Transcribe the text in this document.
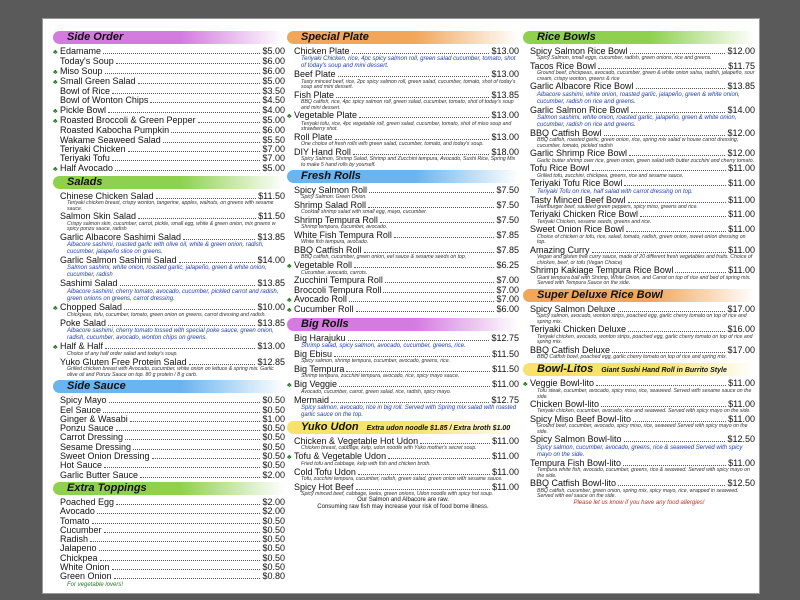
Side Order
♣ Edamame	$5.00
Today's Soup	$6.00
♣ Miso Soup	$6.00
♣ Small Green Salad	$5.00
Bowl of Rice	$3.50
Bowl of Wonton Chips	$4.50
♣ Pickle Bowl	$4.00
♣ Roasted Broccoli & Green Pepper	$5.00
Roasted Kabocha Pumpkin	$6.00
Wakame Seaweed Salad	$5.50
Teriyaki Chicken	$7.00
Teriyaki Tofu	$7.00
♣ Half Avocado	$5.00
Salads
Chinese Chicken Salad	$11.50
Teriyaki chicken breast, crispy wonton, tangerine, apples, walnuts, on greens with sesame sauce.
Salmon Skin Salad	$11.50
Crispy salmon skin, cucumber, carrot, pickle, small egg, white & green onion, mix greens w spicy ponzu sauce, radish
Garlic Albacore Sashimi Salad	$13.85
Albacore sashimi, roasted garlic with olive oil, white & green onion, radish, cucumber, jalapeño slice on greens.
Garlic Salmon Sashimi Salad	$14.00
Salmon sashimi, white onion, roasted garlic, jalapeño, green & white onion, cucumber, radish
Sashimi Salad	$13.85
Albacore sashimi, cherry tomato, avocado, cucumber, pickled carrot and radish, green onions on greens, carrot dressing.
♣ Chopped Salad	$10.00
Chickpeas, tofu, cucumber, tomato, green onion on greens, carrot dressing and radish.
Poke Salad	$13.85
Albacore sashimi, cherry tomato tossed with special poke sauce, green onion, radish, cucumber, avocado, wonton chips on greens.
♣ Half & Half	$13.00
Choice of any half order salad and today's soup.
Yuko Gluten Free Protein Salad	$12.85
Grilled chicken breast with Avocado, cucumber, white onion on lettuce & spring mix. Garlic olive oil and Ponzu Sauce on top. 80 g protein / 8 g carb.
Side Sauce
Spicy Mayo	$0.50
Eel Sauce	$0.50
Ginger & Wasabi	$1.00
Ponzu Sauce	$0.50
Carrot Dressing	$0.50
Sesame Dressing	$0.50
Sweet Onion Dressing	$0.50
Hot Sauce	$0.50
Garlic Butter Sauce	$2.00
Extra Toppings
Poached Egg	$2.00
Avocado	$2.00
Tomato	$0.50
Cucumber	$0.50
Radish	$0.50
Jalapeno	$0.50
Chickpea	$0.50
White Onion	$0.50
Green Onion	$0.80
For vegetable lovers!
Special Plate
Chicken Plate	$13.00
Teriyaki Chicken, rice, 4pc spicy salmon roll, green salad cucumber, tomato, shot of today's soup and mini dessert.
Beef Plate	$13.00
Tasty minced beef, rice, 2pc spicy salmon roll, green salad, cucumber, tomato, shot of today's soup and mini dessert.
Fish Plate	$13.85
BBQ catfish, rice, 4pc spicy salmon roll, green salad, cucumber, tomato, shot of today's soup and mini dessert.
♣ Vegetable Plate	$13.00
Teriyaki tofu, rice, 4pc vegetable roll, green salad, cucumber, tomato, shot of miso soup and strawberry shot.
Roll Plate	$13.00
One choice of fresh rolls with green salad, cucumber, tomato, and today's soup.
DIY Hand Roll	$18.00
Spicy Salmon, Shrimp Salad, Shrimp and Zucchini tempura, Avocado, Sushi Rice, Spring Mix to make 5 hand rolls by yourself.
Fresh Rolls
Spicy Salmon Roll	$7.50
Spicy Salmon. Green Onion.
Shrimp Salad Roll	$7.50
Cocktail shrimp salad with small egg, mayo, cucumber.
Shrimp Tempura Roll	$7.50
Shrimp tempura, cucumber, avocado.
White Fish Tempura Roll	$7.85
White fish tempura, avocado.
BBQ Catfish Roll	$7.85
BBQ catfish, cucumber, green onion, eel sauce & sesame seeds on top.
♣ Vegetable Roll	$6.25
Cucumber, avocado, carrots.
Zucchini Tempura Roll	$7.00
Broccoli Tempura Roll	$7.00
♣ Avocado Roll	$7.00
♣ Cucumber Roll	$6.00
Big Rolls
Big Harajuku	$12.75
Shrimp salad, spicy salmon, avocado, cucumber, greens, rice.
Big Ebisu	$11.50
Spicy salmon, shrimp tempura, cucumber, avocado, greens, rice.
Big Tempura	$11.50
Shrimp tempura, zucchini tempura, avocado, rice, spicy mayo sauce.
♣ Big Veggie	$11.00
Avocado, cucumber, carrot, green salad, rice, radish, spicy mayo.
Mermaid	$12.75
Spicy salmon, avocado, rice in big roll. Served with Spring mix salad with roasted garlic sauce on the top.
Yuko Udon Extra udon noodle $1.85 / Extra broth $1.00
Chicken & Vegetable Hot Udon	$11.00
Chicken breast, cabbage, kelp, udon noodle with Yuko mother's secret soup.
♣ Tofu & Vegetable Udon	$11.00
Fried tofu and cabbage, kelp with fish and chicken broth.
Cold Tofu Udon	$11.00
Tofu, zucchini tempura, cucumber, radish, green salad, green onion with sesame sauce.
Spicy Hot Beef	$11.00
Spicy minced beef, cabbage, leeks, green onions, Udon noodle with spicy hot soup.
Our Salmon and Albacore are raw.
Consuming raw fish may increase your risk of food borne illness.
Rice Bowls
Spicy Salmon Rice Bowl	$12.00
Spicy Salmon, small eggs, cucumber, radish, green onions, rice and greens.
Tacos Rice Bowl	$11.75
Ground beef, chickpeas, avocado, cucumber, green & white onion salsa, radish, jalapeño, sour cream, crispy wonton, greens & rice
Garlic Albacore Rice Bowl	$13.85
Albacore sashimi, white onion, roasted garlic, jalapeño, green & white onion, cucumber, radish on rice and greens.
Garlic Salmon Rice Bowl	$14.00
Salmon sashimi, white onion, roasted garlic, jalapeño, green & white onion, cucumber, radish on rice and greens.
BBQ Catfish Bowl	$12.00
BBQ catfish, roasted garlic, green onion, rice, spring mix salad w house carrot dressing, cucumber, tomato, pickled radish
Garlic Shrimp Rice Bowl	$12.00
Garlic butter shrimp over rice, green onion, green salad with butter zucchini and cherry tomato.
Tofu Rice Bowl	$11.00
Grilled tofu, zucchini, chickpea, greens, rice and sesame sauce.
Teriyaki Tofu Rice Bowl	$11.00
Teriyaki Tofu on rice, half salad with carrot dressing on top.
Tasty Minced Beef Bowl	$11.00
Hamburger beef, sautéed green peppers, spicy miso, greens and rice.
Teriyaki Chicken Rice Bowl	$11.00
Teriyaki Chicken, sesame seeds, greens and rice.
Sweet Onion Rice Bowl	$11.00
Choice of chicken or tofu, rice, salad, tomato, radish, green onion, sweet onion dressing on top.
Amazing Curry	$11.00
Vegan and gluten free curry sauce, made of 20 different fresh vegetables and fruits. Choice of chicken, beef, or tofu (Vegan Choice)
Shrimp Kakiage Tempura Rice Bowl	$11.00
Giant tempura ball with Shrimp, White Onion, and Carrot on top of rice and bed of spring mix. Served with Tempura Sauce on the side.
Super Deluxe Rice Bowl
Spicy Salmon Deluxe	$17.00
Spicy salmon, avocado, wonton strips, poached egg, garlic cherry tomato on top of rice and spring mix.
Teriyaki Chicken Deluxe	$16.00
Teriyaki chicken, avocado, wonton strips, poached egg, garlic cherry tomato on top of rice and spring mix.
BBQ Catfish Deluxe	$17.00
BBQ Catfish bowl, poached egg, garlic cherry tomato on top of rice and spring mix.
Bowl-Litos Giant Sushi Hand Roll in Burrito Style
♣ Veggie Bowl-lito	$11.00
Tofu steak, cucumber, avocado, spicy miso, rice, seaweed. Served with sesame sauce on the side.
Chicken Bowl-lito	$11.00
Teriyaki chicken, cucumber, avocado, rice and seaweed. Served with spicy mayo on the side.
Spicy Miso Beef Bowl-lito	$11.00
Ground beef, cucumber, avocado, spicy miso, rice, seaweed Served with spicy mayo on the side.
Spicy Salmon Bowl-lito	$12.50
Spicy salmon, cucumber, avocado, greens, rice & seaweed Served with spicy mayo on the side.
Tempura Fish Bowl-lito	$11.00
Tempura white fish, avocado, cucumber, greens, rice & seaweed. Served with spicy mayo on the side.
BBQ Catfish Bowl-lito	$12.50
BBQ catfish, cucumber, green onion, spring mix, spicy mayo, rice, wrapped in seaweed. Served with eel sauce on the side.
Please let us know if you have any food allergies!
